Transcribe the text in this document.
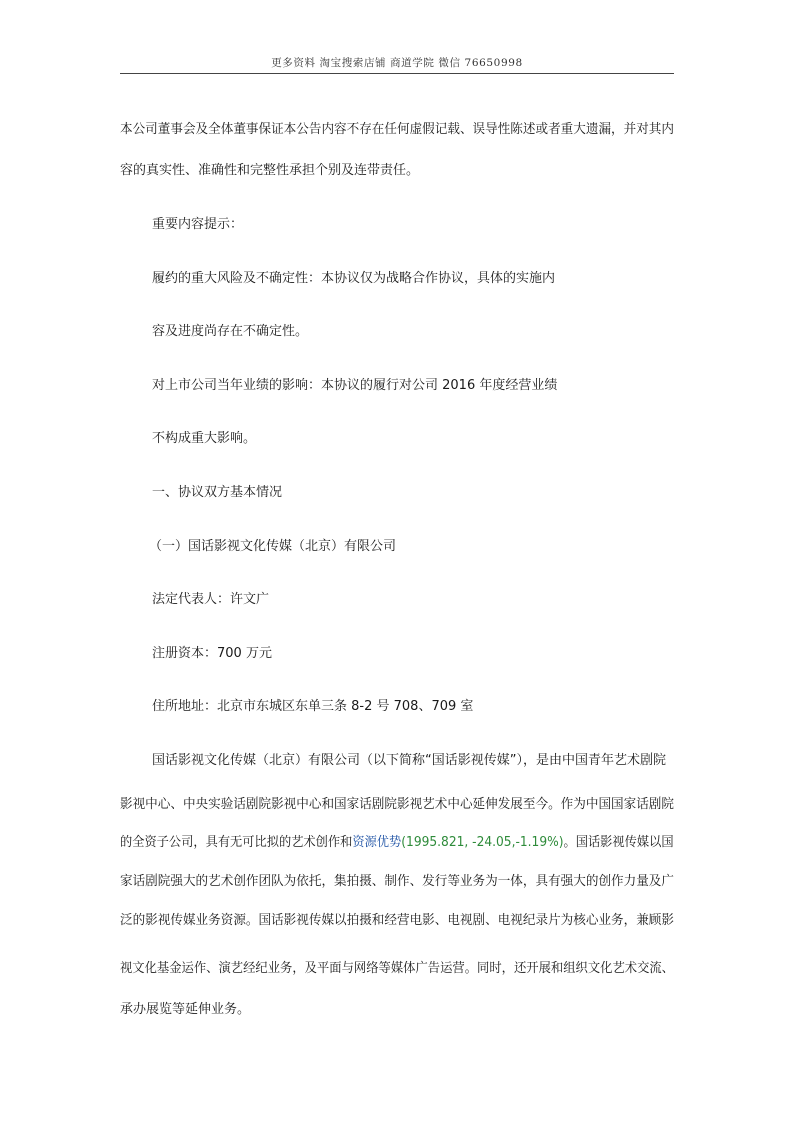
更多资料 淘宝搜索店铺 商道学院 微信 76650998
本公司董事会及全体董事保证本公告内容不存在任何虚假记载、误导性陈述或者重大遗漏，并对其内
容的真实性、准确性和完整性承担个别及连带责任。
重要内容提示：
履约的重大风险及不确定性：本协议仅为战略合作协议，具体的实施内
容及进度尚存在不确定性。
对上市公司当年业绩的影响：本协议的履行对公司 2016 年度经营业绩
不构成重大影响。
一、协议双方基本情况
（一）国话影视文化传媒（北京）有限公司
法定代表人：许文广
注册资本：700 万元
住所地址：北京市东城区东单三条 8-2 号 708、709 室
国话影视文化传媒（北京）有限公司（以下简称“国话影视传媒”），是由中国青年艺术剧院
影视中心、中央实验话剧院影视中心和国家话剧院影视艺术中心延伸发展至今。作为中国国家话剧院
的全资子公司，具有无可比拟的艺术创作和资源优势(1995.821, -24.05,-1.19%)。国话影视传媒以国
家话剧院强大的艺术创作团队为依托，集拍摄、制作、发行等业务为一体，具有强大的创作力量及广
泛的影视传媒业务资源。国话影视传媒以拍摄和经营电影、电视剧、电视纪录片为核心业务，兼顾影
视文化基金运作、演艺经纪业务，及平面与网络等媒体广告运营。同时，还开展和组织文化艺术交流、
承办展览等延伸业务。
